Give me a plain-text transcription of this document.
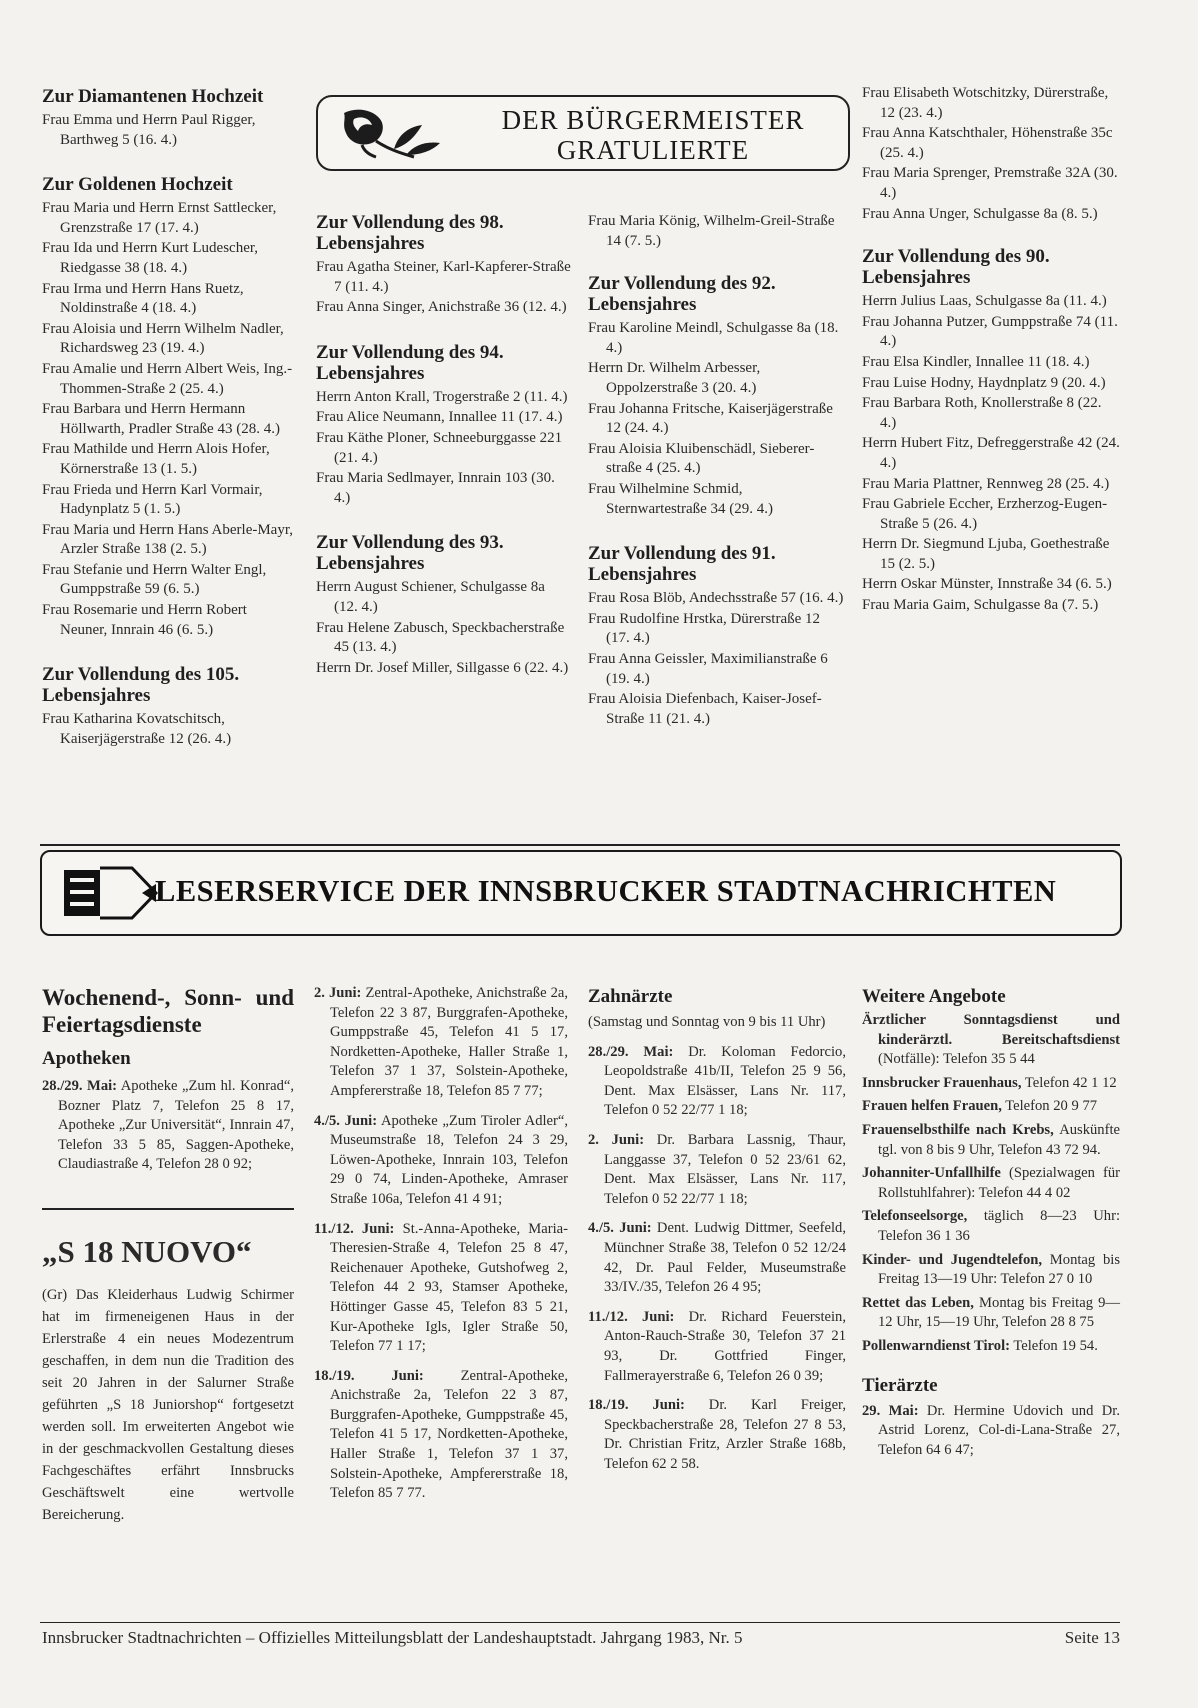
Zur Diamantenen Hochzeit

Frau Emma und Herrn Paul Rigger, Barthweg 5 (16. 4.)

Zur Goldenen Hochzeit

Frau Maria und Herrn Ernst Sattlecker, Grenzstraße 17 (17. 4.)

Frau Ida und Herrn Kurt Ludescher, Riedgasse 38 (18. 4.)

Frau Irma und Herrn Hans Ruetz, Noldinstraße 4 (18. 4.)

Frau Aloisia und Herrn Wilhelm Nadler, Richardsweg 23 (19. 4.)

Frau Amalie und Herrn Albert Weis, Ing.-Thommen-Straße 2 (25. 4.)

Frau Barbara und Herrn Hermann Höllwarth, Pradler Straße 43 (28. 4.)

Frau Mathilde und Herrn Alois Hofer, Körnerstraße 13 (1. 5.)

Frau Frieda und Herrn Karl Vormair, Hadynplatz 5 (1. 5.)

Frau Maria und Herrn Hans Aberle-Mayr, Arzler Straße 138 (2. 5.)

Frau Stefanie und Herrn Walter Engl, Gumppstraße 59 (6. 5.)

Frau Rosemarie und Herrn Robert Neuner, Innrain 46 (6. 5.)

Zur Vollendung des 105. Lebensjahres

Frau Katharina Kovatschitsch, Kaiserjägerstraße 12 (26. 4.)

DER BÜRGERMEISTER GRATULIERTE
Zur Vollendung des 98. Lebensjahres

Frau Agatha Steiner, Karl-Kapferer-Straße 7 (11. 4.)

Frau Anna Singer, Anichstraße 36 (12. 4.)

Zur Vollendung des 94. Lebensjahres

Herrn Anton Krall, Trogerstraße 2 (11. 4.)

Frau Alice Neumann, Innallee 11 (17. 4.)

Frau Käthe Ploner, Schneeburggasse 221 (21. 4.)

Frau Maria Sedlmayer, Innrain 103 (30. 4.)

Zur Vollendung des 93. Lebensjahres

Herrn August Schiener, Schulgasse 8a (12. 4.)

Frau Helene Zabusch, Speckbacherstraße 45 (13. 4.)

Herrn Dr. Josef Miller, Sillgasse 6 (22. 4.)

Frau Maria König, Wilhelm-Greil-Straße 14 (7. 5.)

Zur Vollendung des 92. Lebensjahres

Frau Karoline Meindl, Schulgasse 8a (18. 4.)

Herrn Dr. Wilhelm Arbesser, Oppolzerstraße 3 (20. 4.)

Frau Johanna Fritsche, Kaiserjägerstraße 12 (24. 4.)

Frau Aloisia Kluibenschädl, Sieberer-straße 4 (25. 4.)

Frau Wilhelmine Schmid, Sternwartestraße 34 (29. 4.)

Zur Vollendung des 91. Lebensjahres

Frau Rosa Blöb, Andechsstraße 57 (16. 4.)

Frau Rudolfine Hrstka, Dürerstraße 12 (17. 4.)

Frau Anna Geissler, Maximilianstraße 6 (19. 4.)

Frau Aloisia Diefenbach, Kaiser-Josef-Straße 11 (21. 4.)

Frau Elisabeth Wotschitzky, Dürerstraße, 12 (23. 4.)

Frau Anna Katschthaler, Höhenstraße 35c (25. 4.)

Frau Maria Sprenger, Premstraße 32A (30. 4.)

Frau Anna Unger, Schulgasse 8a (8. 5.)

Zur Vollendung des 90. Lebensjahres

Herrn Julius Laas, Schulgasse 8a (11. 4.)

Frau Johanna Putzer, Gumppstraße 74 (11. 4.)

Frau Elsa Kindler, Innallee 11 (18. 4.)

Frau Luise Hodny, Haydnplatz 9 (20. 4.)

Frau Barbara Roth, Knollerstraße 8 (22. 4.)

Herrn Hubert Fitz, Defreggerstraße 42 (24. 4.)

Frau Maria Plattner, Rennweg 28 (25. 4.)

Frau Gabriele Eccher, Erzherzog-Eugen-Straße 5 (26. 4.)

Herrn Dr. Siegmund Ljuba, Goethestraße 15 (2. 5.)

Herrn Oskar Münster, Innstraße 34 (6. 5.)

Frau Maria Gaim, Schulgasse 8a (7. 5.)

LESERSERVICE DER INNSBRUCKER STADTNACHRICHTEN
Wochenend-, Sonn- und Feiertagsdienste
Apotheken

28./29. Mai: Apotheke „Zum hl. Konrad“, Bozner Platz 7, Telefon 25 8 17, Apotheke „Zur Universität“, Innrain 47, Telefon 33 5 85, Saggen-Apotheke, Claudiastraße 4, Telefon 28 0 92;

„S 18 NUOVO“

(Gr) Das Kleiderhaus Ludwig Schirmer hat im firmeneigenen Haus in der Erlerstraße 4 ein neues Modezentrum geschaffen, in dem nun die Tradition des seit 20 Jahren in der Salurner Straße geführten „S 18 Juniorshop“ fortgesetzt werden soll. Im erweiterten Angebot wie in der geschmackvollen Gestaltung dieses Fachgeschäftes erfährt Innsbrucks Geschäftswelt eine wertvolle Bereicherung.

2. Juni: Zentral-Apotheke, Anichstraße 2a, Telefon 22 3 87, Burggrafen-Apotheke, Gumppstraße 45, Telefon 41 5 17, Nordketten-Apotheke, Haller Straße 1, Telefon 37 1 37, Solstein-Apotheke, Ampfererstraße 18, Telefon 85 7 77;

4./5. Juni: Apotheke „Zum Tiroler Adler“, Museumstraße 18, Telefon 24 3 29, Löwen-Apotheke, Innrain 103, Telefon 29 0 74, Linden-Apotheke, Amraser Straße 106a, Telefon 41 4 91;

11./12. Juni: St.-Anna-Apotheke, Maria-Theresien-Straße 4, Telefon 25 8 47, Reichenauer Apotheke, Gutshofweg 2, Telefon 44 2 93, Stamser Apotheke, Höttinger Gasse 45, Telefon 83 5 21, Kur-Apotheke Igls, Igler Straße 50, Telefon 77 1 17;

18./19. Juni:	Zentral-Apotheke, Anichstraße 2a, Telefon 22 3 87, Burggrafen-Apotheke, Gumppstraße 45, Telefon 41 5 17, Nordketten-Apotheke, Haller Straße 1, Telefon 37 1 37, Solstein-Apotheke, Ampfererstraße 18, Telefon 85 7 77.

Zahnärzte

(Samstag und Sonntag von 9 bis 11 Uhr)

28./29. Mai: Dr. Koloman Fedorcio, Leopoldstraße 41b/II, Telefon 25 9 56, Dent. Max Elsässer, Lans Nr. 117, Telefon 0 52 22/77 1 18;

2. Juni: Dr. Barbara Lassnig, Thaur, Langgasse 37, Telefon 0 52 23/61 62, Dent. Max Elsässer, Lans Nr. 117, Telefon 0 52 22/77 1 18;

4./5. Juni: Dent. Ludwig Dittmer, Seefeld, Münchner Straße 38, Telefon 0 52 12/24 42, Dr. Paul Felder, Museumstraße 33/IV./35, Telefon 26 4 95;

11./12. Juni: Dr. Richard Feuerstein, Anton-Rauch-Straße 30, Telefon 37 21 93, Dr. Gottfried Finger, Fallmerayerstraße 6, Telefon 26 0 39;

18./19. Juni: Dr. Karl Freiger, Speckbacherstraße 28, Telefon 27 8 53, Dr. Christian Fritz, Arzler Straße 168b, Telefon 62 2 58.

Weitere Angebote

Ärztlicher Sonntagsdienst und kinderärztl. Bereitschaftsdienst (Notfälle): Telefon 35 5 44

Innsbrucker Frauenhaus, Telefon 42 1 12

Frauen helfen Frauen, Telefon 20 9 77

Frauenselbsthilfe nach Krebs, Auskünfte tgl. von 8 bis 9 Uhr, Telefon 43 72 94.

Johanniter-Unfallhilfe (Spezialwagen für Rollstuhlfahrer): Telefon 44 4 02

Telefonseelsorge, täglich 8—23 Uhr: Telefon 36 1 36

Kinder- und Jugendtelefon, Montag bis Freitag 13—19 Uhr: Telefon 27 0 10

Rettet das Leben, Montag bis Freitag 9—12 Uhr, 15—19 Uhr, Telefon 28 8 75

Pollenwarndienst Tirol: Telefon 19 54.

Tierärzte

29. Mai: Dr. Hermine Udovich und Dr. Astrid Lorenz, Col-di-Lana-Straße 27, Telefon 64 6 47;

Innsbrucker Stadtnachrichten – Offizielles Mitteilungsblatt der Landeshauptstadt. Jahrgang 1983, Nr. 5	Seite 13
